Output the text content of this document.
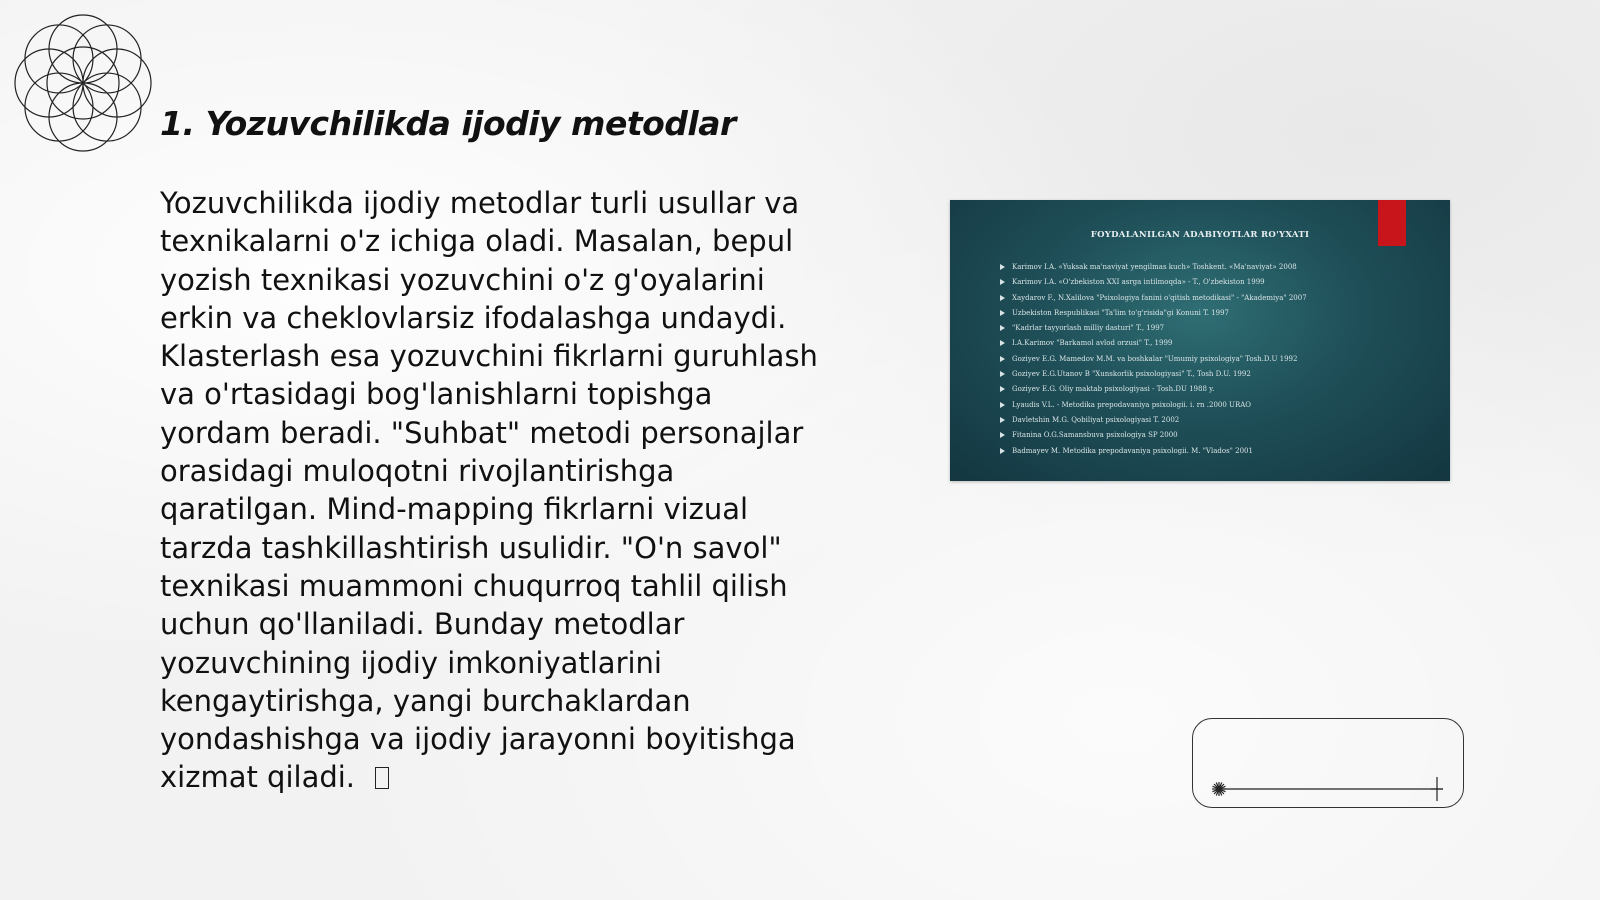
1. Yozuvchilikda ijodiy metodlar

Yozuvchilikda ijodiy metodlar turli usullar va
texnikalarni o'z ichiga oladi. Masalan, bepul
yozish texnikasi yozuvchini o'z g'oyalarini
erkin va cheklovlarsiz ifodalashga undaydi.
Klasterlash esa yozuvchini fikrlarni guruhlash
va o'rtasidagi bog'lanishlarni topishga
yordam beradi. "Suhbat" metodi personajlar
orasidagi muloqotni rivojlantirishga
qaratilgan. Mind-mapping fikrlarni vizual
tarzda tashkillashtirish usulidir. "O'n savol"
texnikasi muammoni chuqurroq tahlil qilish
uchun qo'llaniladi. Bunday metodlar
yozuvchining ijodiy imkoniyatlarini
kengaytirishga, yangi burchaklardan
yondashishga va ijodiy jarayonni boyitishga
xizmat qiladi.

FOYDALANILGAN ADABIYOTLAR RO'YXATI
Karimov I.A. «Yuksak ma'naviyat yengilmas kuch» Toshkent. «Ma'naviyat» 2008
Karimov I.A. «O'zbekiston XXI asrga intilmoqda» - T., O'zbekiston 1999
Xaydarov F., N.Xalilova "Psixologiya fanini o'qitish metodikasi" - "Akademiya" 2007
Uzbekiston Respublikasi "Ta'lim to'g'risida"gi Konuni T. 1997
"Kadrlar tayyorlash milliy dasturi" T., 1997
I.A.Karimov "Barkamol avlod orzusi" T., 1999
Goziyev E.G. Mamedov M.M. va boshkalar "Umumiy psixologiya" Tosh.D.U 1992
Goziyev E.G.Utanov B "Xunskorlik psixologiyasi" T., Tosh D.U. 1992
Goziyev E.G. Oliy maktab psixologiyasi - Tosh.DU 1988 y.
Lyaudis V.L. - Metodika prepodavaniya psixologii. i. rn .2000 URAO
Davletshin M.G. Qobiliyat psixologiyasi T. 2002
Fitanina O.G.Samansbuva psixologiya SP 2000
Badmayev M. Metodika prepodavaniya psixologii. M. "Vlados" 2001
